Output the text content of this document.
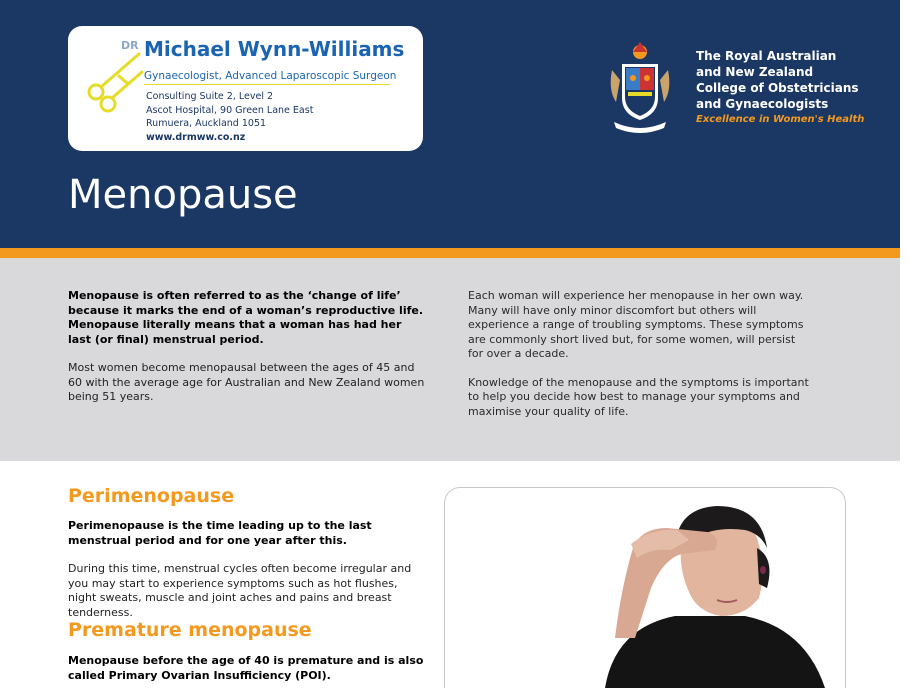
DR Michael Wynn-Williams
Gynaecologist, Advanced Laparoscopic Surgeon
Consulting Suite 2, Level 2
Ascot Hospital, 90 Green Lane East
Rumuera, Auckland 1051
www.drmww.co.nz
The Royal Australian
and New Zealand
College of Obstetricians
and Gynaecologists
Excellence in Women's Health
Menopause

Menopause is often referred to as the ‘change of life’ because it marks the end of a woman’s reproductive life. Menopause literally means that a woman has had her last (or final) menstrual period.

Most women become menopausal between the ages of 45 and 60 with the average age for Australian and New Zealand women being 51 years.

Each woman will experience her menopause in her own way. Many will have only minor discomfort but others will experience a range of troubling symptoms. These symptoms are commonly short lived but, for some women, will persist for over a decade.

Knowledge of the menopause and the symptoms is important to help you decide how best to manage your symptoms and maximise your quality of life.

Perimenopause

Perimenopause is the time leading up to the last menstrual period and for one year after this.

During this time, menstrual cycles often become irregular and you may start to experience symptoms such as hot flushes, night sweats, muscle and joint aches and pains and breast tenderness.

Premature menopause

Menopause before the age of 40 is premature and is also called Primary Ovarian Insufficiency (POI).
